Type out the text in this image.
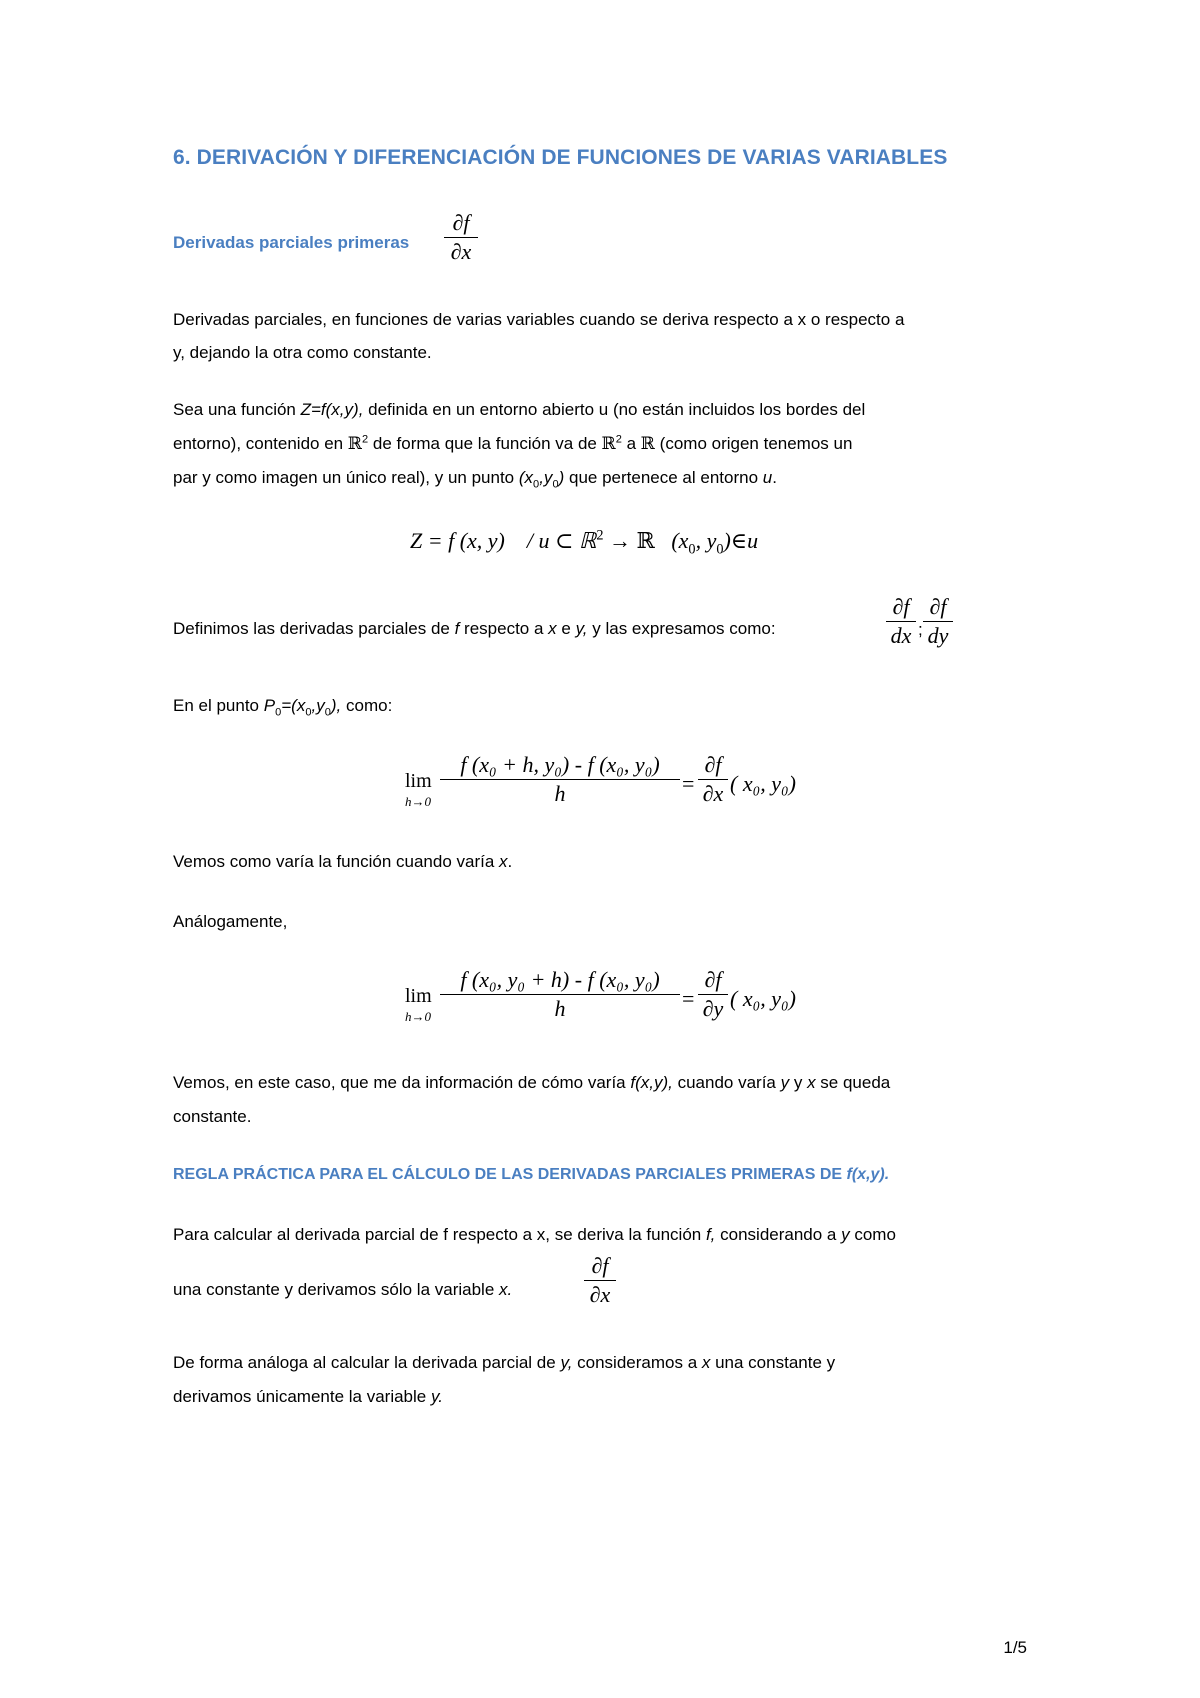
6. DERIVACIÓN Y DIFERENCIACIÓN DE FUNCIONES DE VARIAS VARIABLES
Derivadas parciales primeras
∂f
∂x
Derivadas parciales, en funciones de varias variables cuando se deriva respecto a x o respecto a
y, dejando la otra como constante.
Sea una función Z=f(x,y), definida en un entorno abierto u (no están incluidos los bordes del
entorno), contenido en ℝ$^2$ de forma que la función va de ℝ$^2$ a ℝ (como origen tenemos un
par y como imagen un único real), y un punto $(x_0,y_0)$ que pertenece al entorno u.
Z = f (x, y) / u ⊂ ℝ$^2$ → ℝ ($x_0$, $y_0)\in u$
Definimos las derivadas parciales de f respecto a x e y, y las expresamos como:
∂f
dx ;
∂f
dy
En el punto $P_0=(x_0,y_0)$, como:
lim
h→0
f (x₀ + h, y₀) - f (x₀, y₀)
h	=
∂f
∂x ( x₀, y₀)
Vemos como varía la función cuando varía x.
Análogamente,
lim
h→0
f (x₀, y₀ + h) - f (x₀, y₀)
h	=
∂f
∂y ( x₀, y₀)
Vemos, en este caso, que me da información de cómo varía f(x,y), cuando varía y y x se queda
constante.
REGLA PRÁCTICA PARA EL CÁLCULO DE LAS DERIVADAS PARCIALES PRIMERAS DE f(x,y).
Para calcular al derivada parcial de f respecto a x, se deriva la función f, considerando a y como
una constante y derivamos sólo la variable x.
∂f
∂x
De forma análoga al calcular la derivada parcial de y, consideramos a x una constante y
derivamos únicamente la variable y.
1/5
